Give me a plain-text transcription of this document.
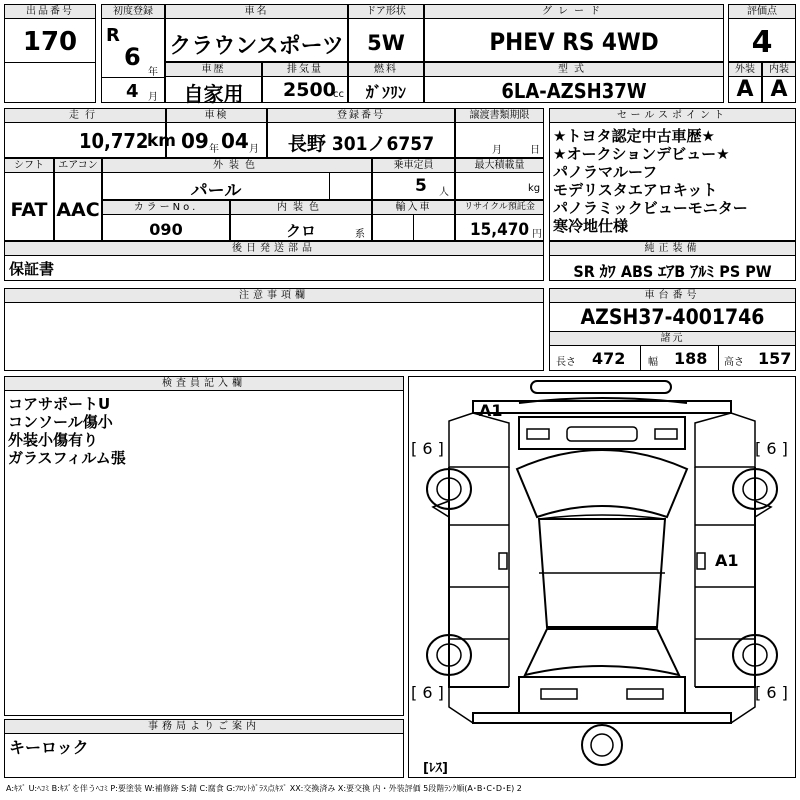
出品番号
170
初度登録
R
6
年
4 月
車名
クラウンスポーツ
ドア形状
5W
グレード
PHEV RS 4WD
評価点
4
車歴
自家用
排気量
2500
cc
燃料
ｶﾞｿﾘﾝ
型式
6LA-AZSH37W
外装
A
内装
A
走行
10,772
km
車検
09 年 04 月
登録番号
長野 301ノ6757
譲渡書類期限
月	日
シフト
FAT
エアコン
AAC
外装色
パール
乗車定員
5 人
最大積載量
kg
カラーNo.
090
内装色
クロ	系
輸入車	リサイクル預託金
15,470 円
後日発送部品
保証書
セールスポイント
★トヨタ認定中古車歴★
★オークションデビュー★
パノラマルーフ
モデリスタエアロキット
パノラミックビューモニター
寒冷地仕様
純正装備
SR ｶﾜ ABS ｴｱB ｱﾙﾐ PS PW
注意事項欄	車台番号
AZSH37-4001746
諸元
長さ 472 幅 188 高さ 157
検査員記入欄
コアサポートU
コンソール傷小
外装小傷有り
ガラスフィルム張
事務局よりご案内
キーロック
A1
A1
[ 6 ]	[ 6 ]
[ 6 ]	[ 6 ]
[ﾚｽ]
A:ｷｽﾞ U:ﾍｺﾐ B:ｷｽﾞを伴うﾍｺﾐ P:要塗装 W:補修跡 S:錆 C:腐食 G:ﾌﾛﾝﾄｶﾞﾗｽ点ｷｽﾞ XX:交換済み X:要交換 内・外装評価 5段階ﾗﾝｸ順(A･B･C･D･E) 2
